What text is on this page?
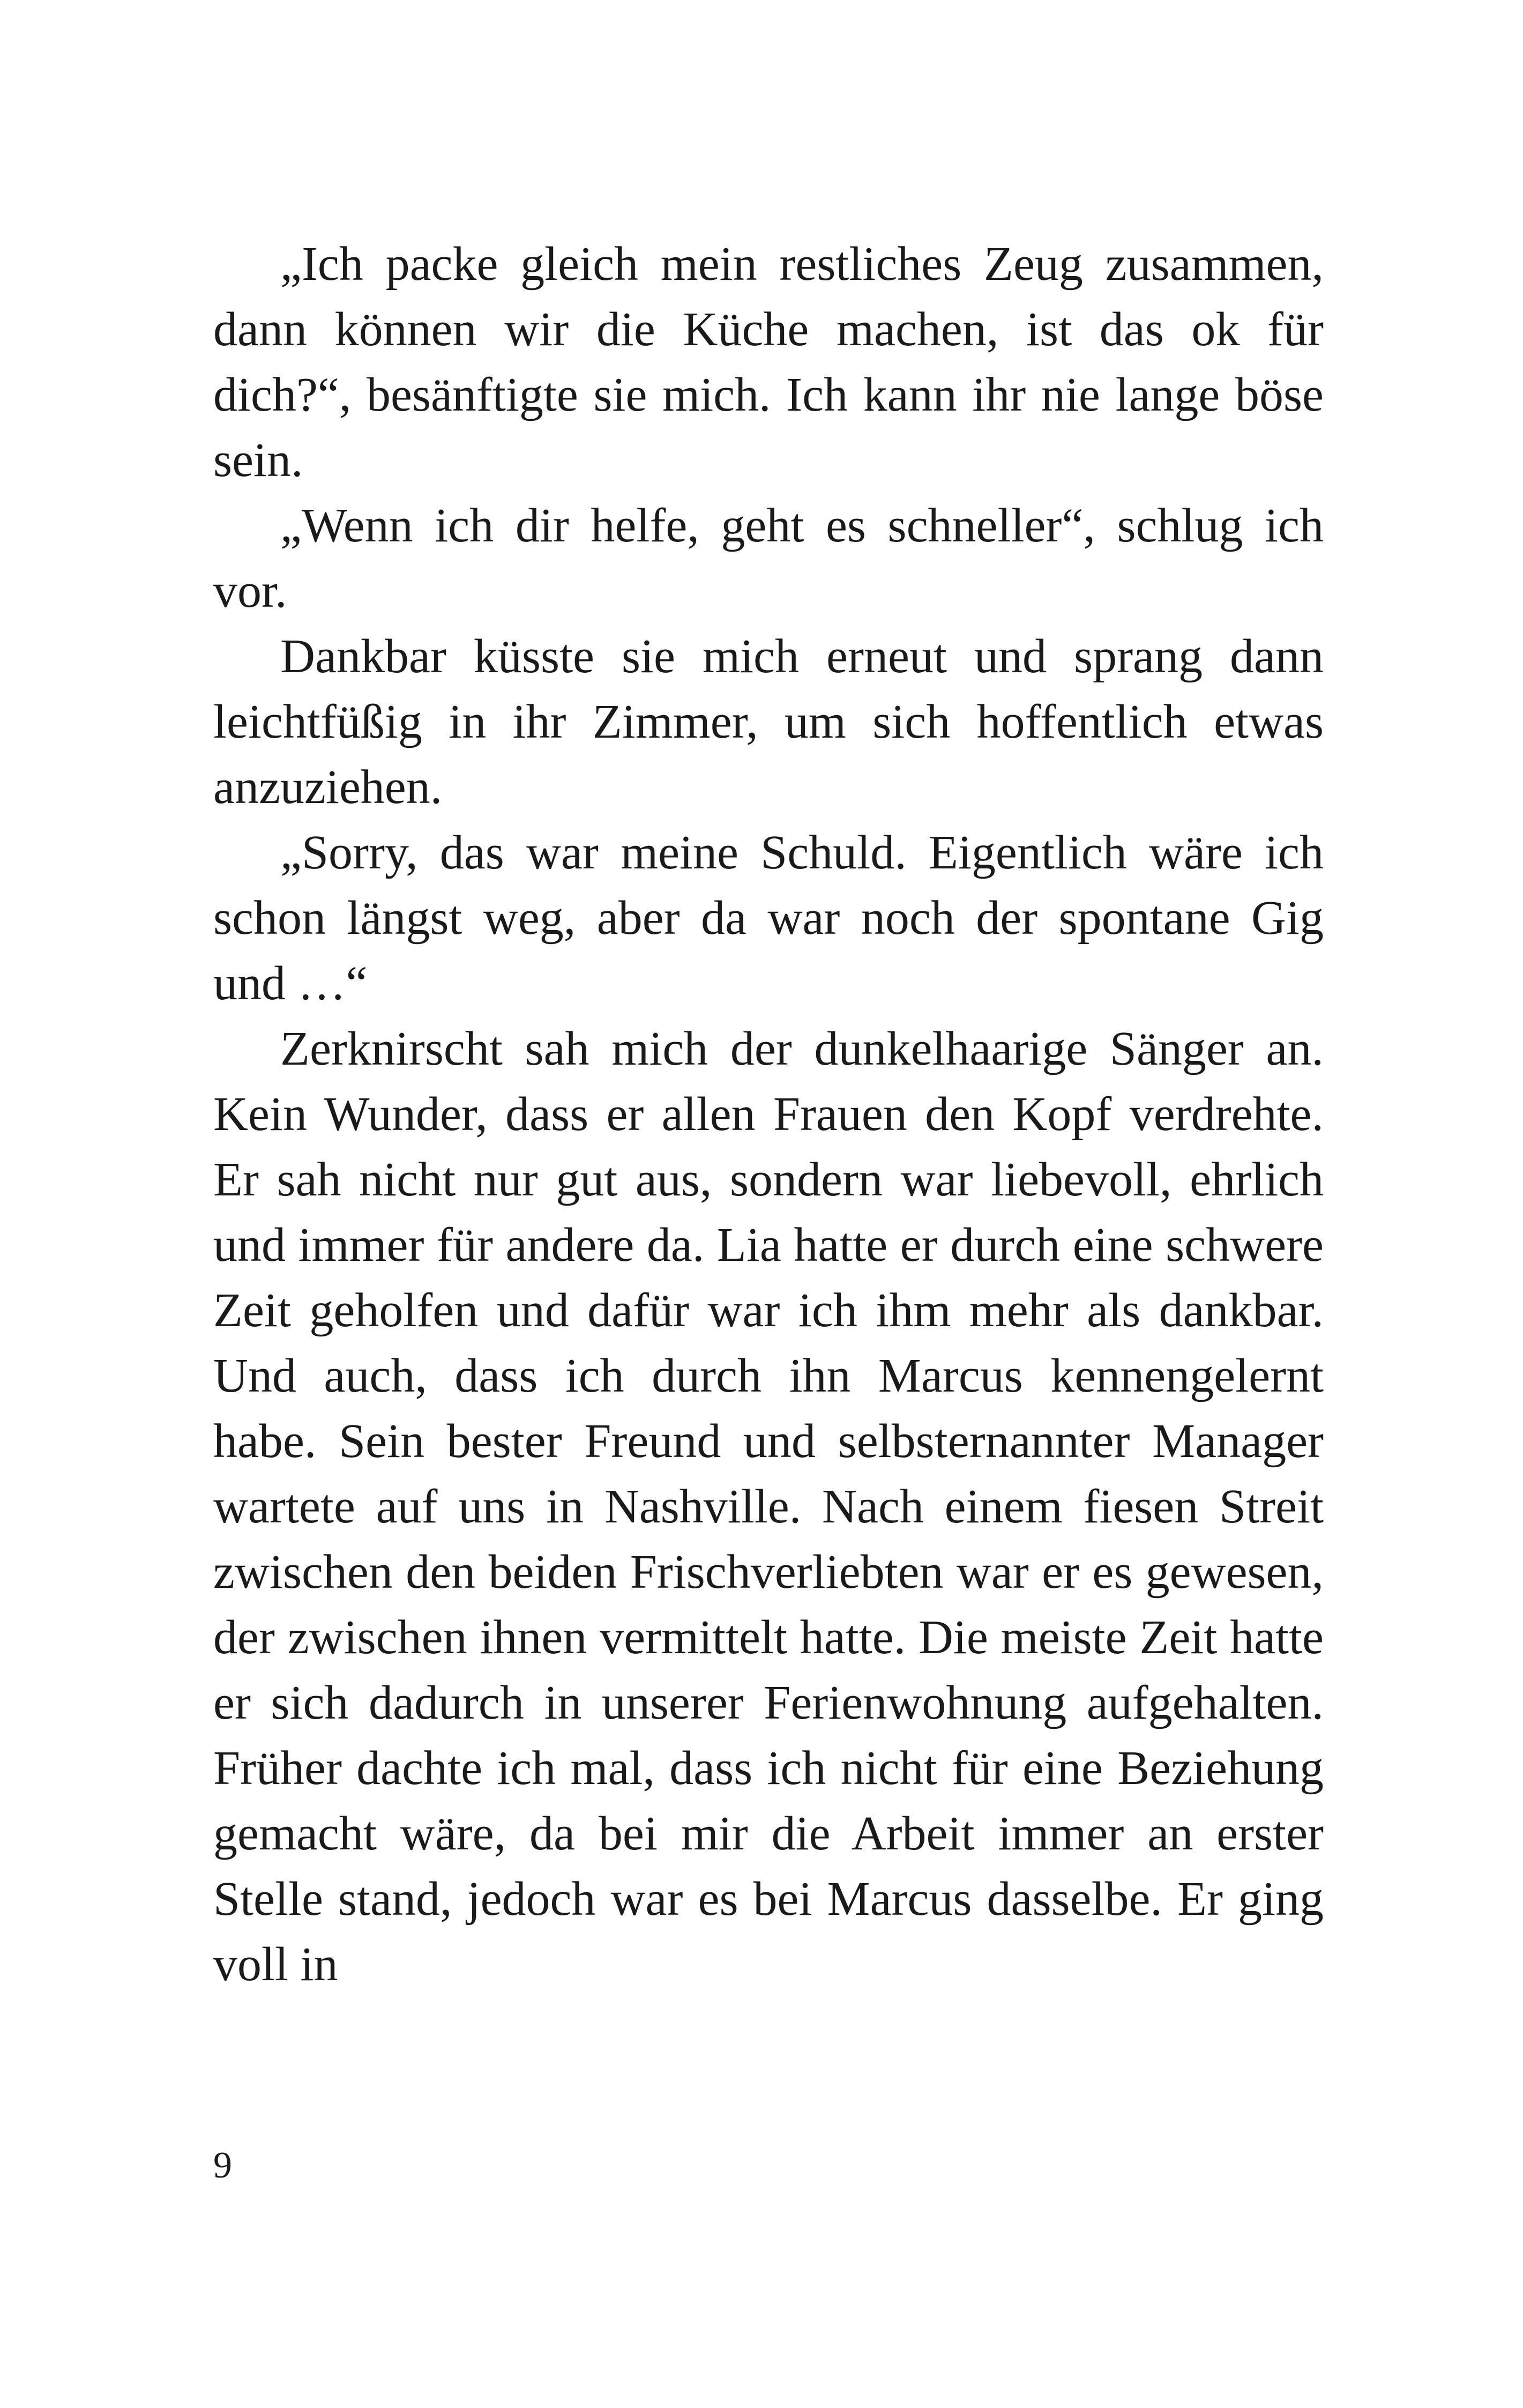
„Ich packe gleich mein restliches Zeug zusammen, dann können wir die Küche machen, ist das ok für dich?“, besänftigte sie mich. Ich kann ihr nie lange böse sein.

„Wenn ich dir helfe, geht es schneller“, schlug ich vor.

Dankbar küsste sie mich erneut und sprang dann leichtfüßig in ihr Zimmer, um sich hoffentlich etwas anzuziehen.

„Sorry, das war meine Schuld. Eigentlich wäre ich schon längst weg, aber da war noch der spontane Gig und …“

Zerknirscht sah mich der dunkelhaarige Sänger an. Kein Wunder, dass er allen Frauen den Kopf verdrehte. Er sah nicht nur gut aus, sondern war liebevoll, ehrlich und immer für andere da. Lia hatte er durch eine schwere Zeit geholfen und dafür war ich ihm mehr als dankbar. Und auch, dass ich durch ihn Marcus kennengelernt habe. Sein bester Freund und selbsternannter Manager wartete auf uns in Nashville. Nach einem fiesen Streit zwischen den beiden Frischverliebten war er es gewesen, der zwischen ihnen vermittelt hatte. Die meiste Zeit hatte er sich dadurch in unserer Ferienwohnung aufgehalten. Früher dachte ich mal, dass ich nicht für eine Beziehung gemacht wäre, da bei mir die Arbeit immer an erster Stelle stand, jedoch war es bei Marcus dasselbe. Er ging voll in

9
